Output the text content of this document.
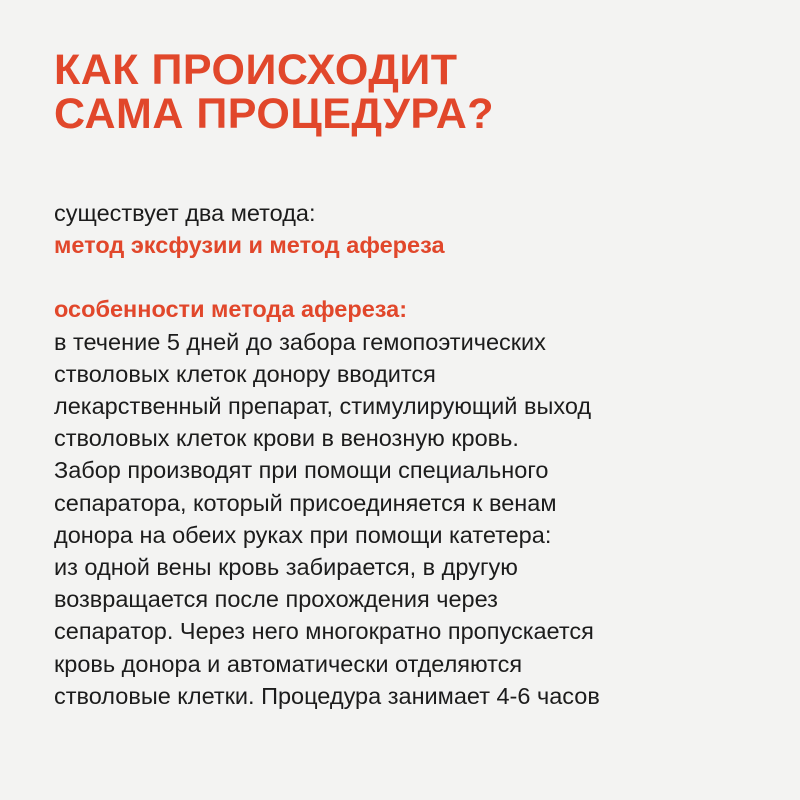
КАК ПРОИСХОДИТ
САМА ПРОЦЕДУРА?

существует два метода:

метод эксфузии и метод афереза

особенности метода афереза:

в течение 5 дней до забора гемопоэтических

стволовых клеток донору вводится

лекарственный препарат, стимулирующий выход

стволовых клеток крови в венозную кровь.

Забор производят при помощи специального

сепаратора, который присоединяется к венам

донора на обеих руках при помощи катетера:

из одной вены кровь забирается, в другую

возвращается после прохождения через

сепаратор. Через него многократно пропускается

кровь донора и автоматически отделяются

стволовые клетки. Процедура занимает 4-6 часов
